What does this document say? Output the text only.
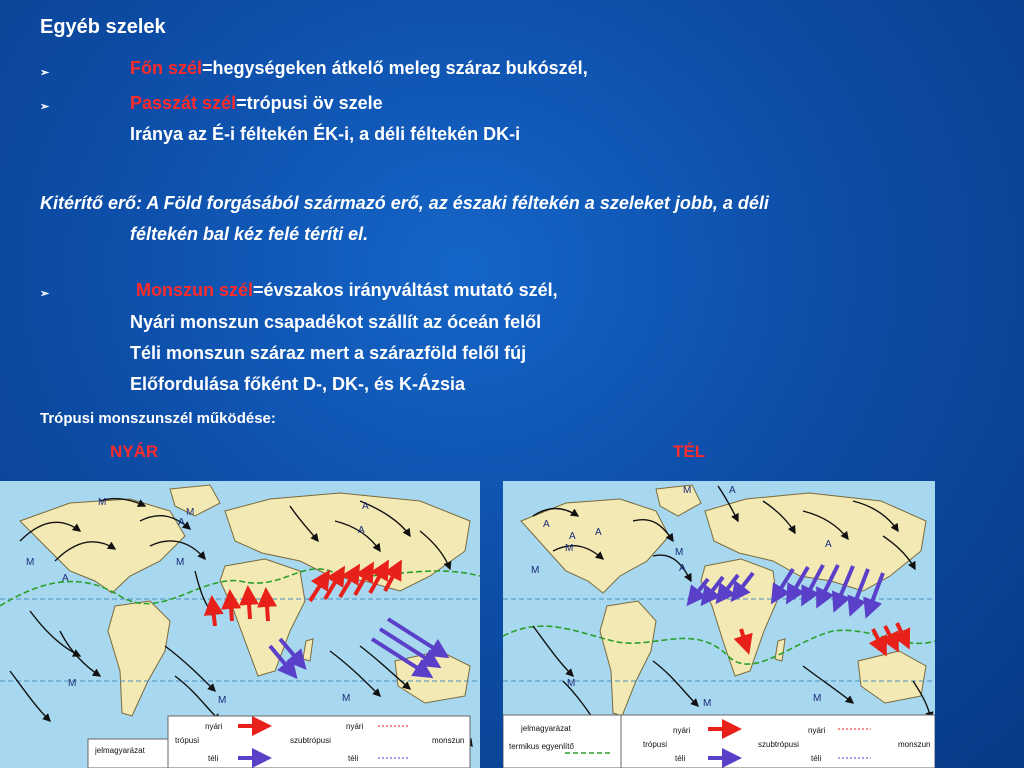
Egyéb szelek
➢	Főn szél=hegységeken átkelő meleg száraz bukószél,
➢	Passzát szél=trópusi öv szele
Iránya az É-i féltekén ÉK-i, a déli féltekén DK-i
Kitérítő erő: A Föld forgásából származó erő, az északi féltekén a szeleket jobb, a déli
féltekén bal kéz felé téríti el.
➢	Monszun szél=évszakos irányváltást mutató szél,
Nyári monszun csapadékot szállít az óceán felől
Téli monszun száraz mert a szárazföld felől fúj
Előfordulása főként D-, DK-, és K-Ázsia
Trópusi monszunszél működése:
NYÁR	TÉL
M
M
M
M
M
M	M
A
A
A
A
jelmagyarázat
nyári	nyári
trópusi	szubtrópusi	monszun
téli	téli
M
M
M
M
M
M	M
A
A
A A
A
A
jelmagyarázat
termikus egyenlítő
nyári	nyári
trópusi	szubtrópusi	monszun
téli	téli
